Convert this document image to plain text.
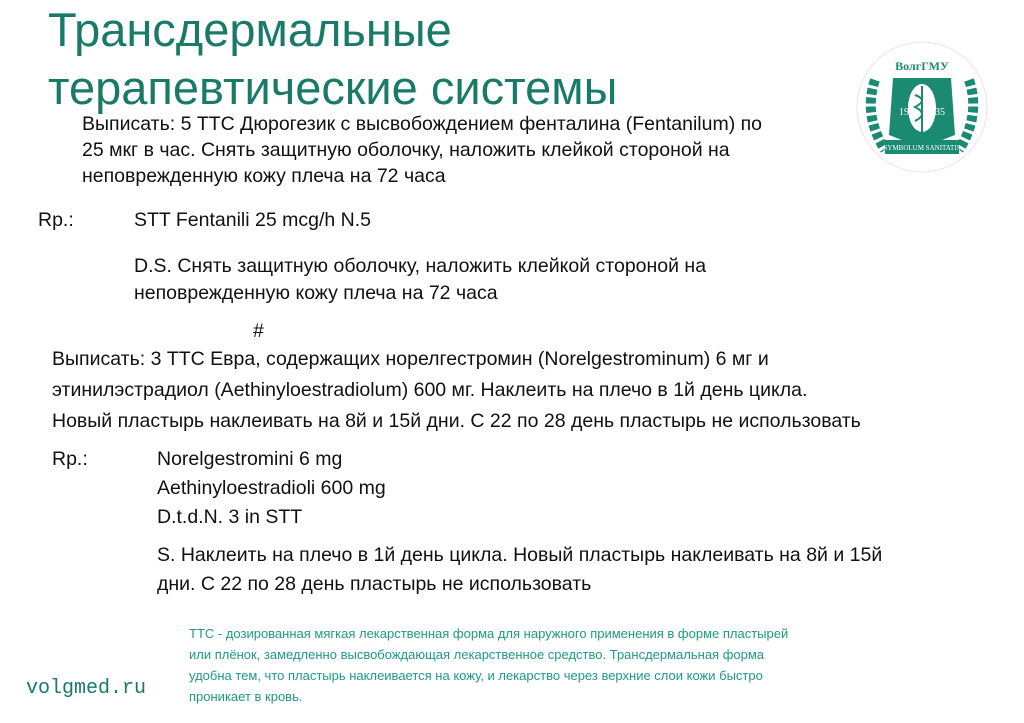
Трансдермальные
терапевтические системы	19	35
ВолгГМУ
SYMBOLUM SANITATIS
Выписать: 5 ТТС Дюрогезик с высвобождением фенталина (Fentanilum) по
25 мкг в час. Снять защитную оболочку, наложить клейкой стороной на
неповрежденную кожу плеча на 72 часа
Rp.:	STT Fentanili 25 mcg/h N.5
D.S. Снять защитную оболочку, наложить клейкой стороной на
неповрежденную кожу плеча на 72 часа
#
Выписать: 3 ТТС Евра, содержащих норелгестромин (Norelgestrominum) 6 мг и
этинилэстрадиол (Aethinyloestradiolum) 600 мг. Наклеить на плечо в 1й день цикла.
Новый пластырь наклеивать на 8й и 15й дни. С 22 по 28 день пластырь не использовать
Rp.:	Norelgestromini 6 mg
Aethinyloestradioli 600 mg
D.t.d.N. 3 in STT
S. Наклеить на плечо в 1й день цикла. Новый пластырь наклеивать на 8й и 15й
дни. С 22 по 28 день пластырь не использовать
ТТС - дозированная мягкая лекарственная форма для наружного применения в форме пластырей
или плёнок, замедленно высвобождающая лекарственное средство. Трансдермальная форма
удобна тем, что пластырь наклеивается на кожу, и лекарство через верхние слои кожи быстро
проникает в кровь.
volgmed.ru
